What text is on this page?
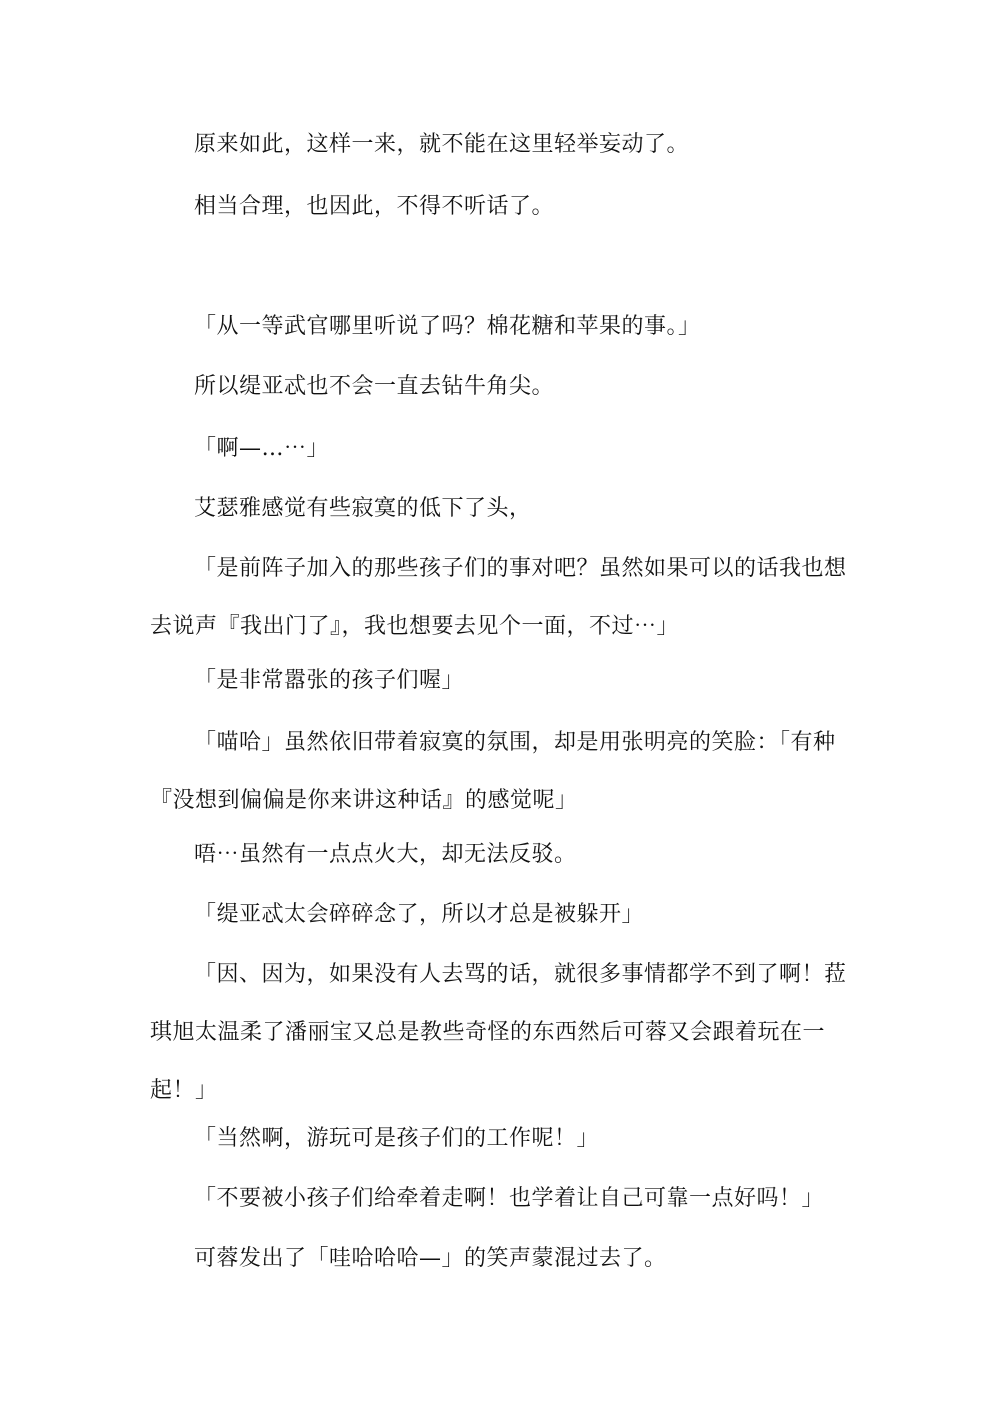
原来如此，这样一来，就不能在这里轻举妄动了。

相当合理，也因此，不得不听话了。

「从一等武官哪里听说了吗？棉花糖和苹果的事。」

所以缇亚忒也不会一直去钻牛角尖。

「啊—…⋯」

艾瑟雅感觉有些寂寞的低下了头，

「是前阵子加入的那些孩子们的事对吧？虽然如果可以的话我也想去说声『我出门了』，我也想要去见个一面，不过⋯」

「是非常嚣张的孩子们喔」

「喵哈」虽然依旧带着寂寞的氛围，却是用张明亮的笑脸：「有种『没想到偏偏是你来讲这种话』的感觉呢」

唔⋯虽然有一点点火大，却无法反驳。

「缇亚忒太会碎碎念了，所以才总是被躲开」

「因、因为，如果没有人去骂的话，就很多事情都学不到了啊！菈琪旭太温柔了潘丽宝又总是教些奇怪的东西然后可蓉又会跟着玩在一起！」

「当然啊，游玩可是孩子们的工作呢！」

「不要被小孩子们给牵着走啊！也学着让自己可靠一点好吗！」

可蓉发出了「哇哈哈哈—」的笑声蒙混过去了。
